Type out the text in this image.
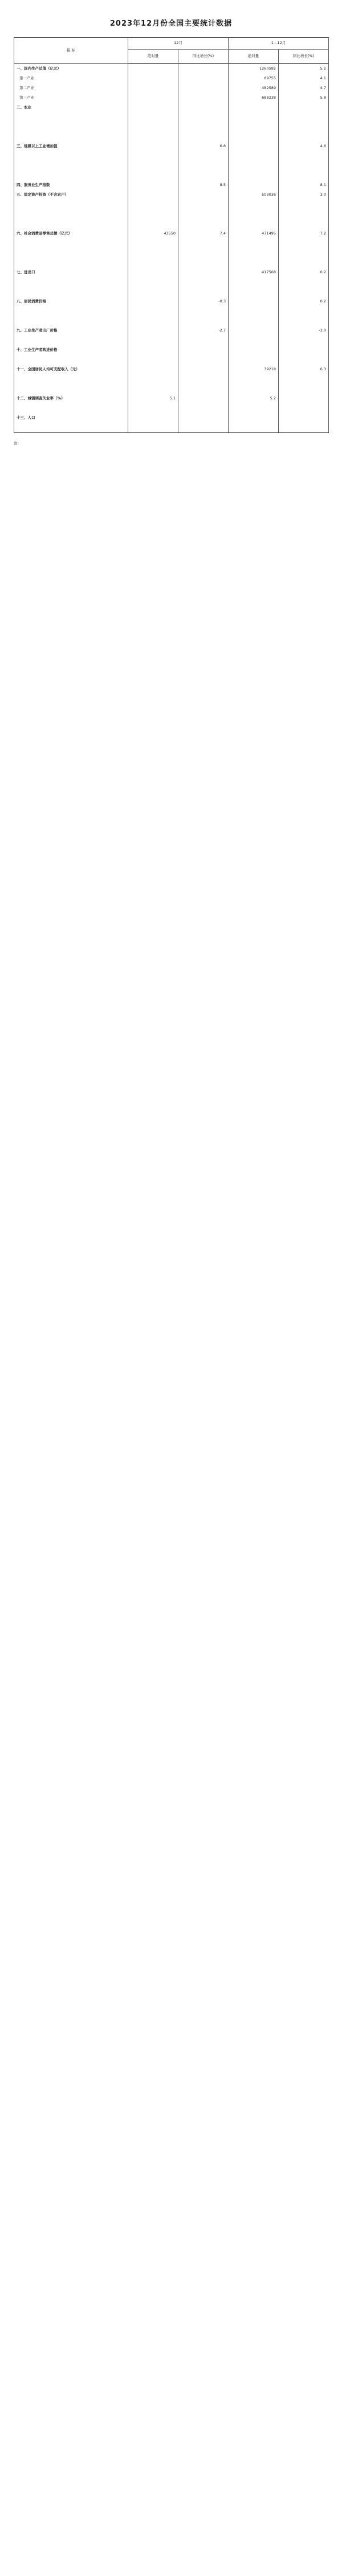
2023年12月份全国主要统计数据
指 标	12月		1—12月	
	绝对量	同比增长(%)	绝对量	同比增长(%)
一、国内生产总值（亿元）			1260582	5.2
第一产业			89755	4.1
第二产业			482589	4.7
第三产业			688238	5.8
二、农业				

三、规模以上工业增加值		6.8		4.6

四、服务业生产指数		8.5		8.1
五、固定资产投资（不含农户）			503036	3.0

六、社会消费品零售总额（亿元）	43550	7.4	471495	7.2

七、进出口			417568	0.2

八、居民消费价格		-0.3		0.2

九、工业生产者出厂价格		-2.7		-3.0

十、工业生产者购进价格				

十一、全国居民人均可支配收入（元）			39218	6.3

十二、城镇调查失业率（%）	5.1		5.2	

十三、人口				

注：
